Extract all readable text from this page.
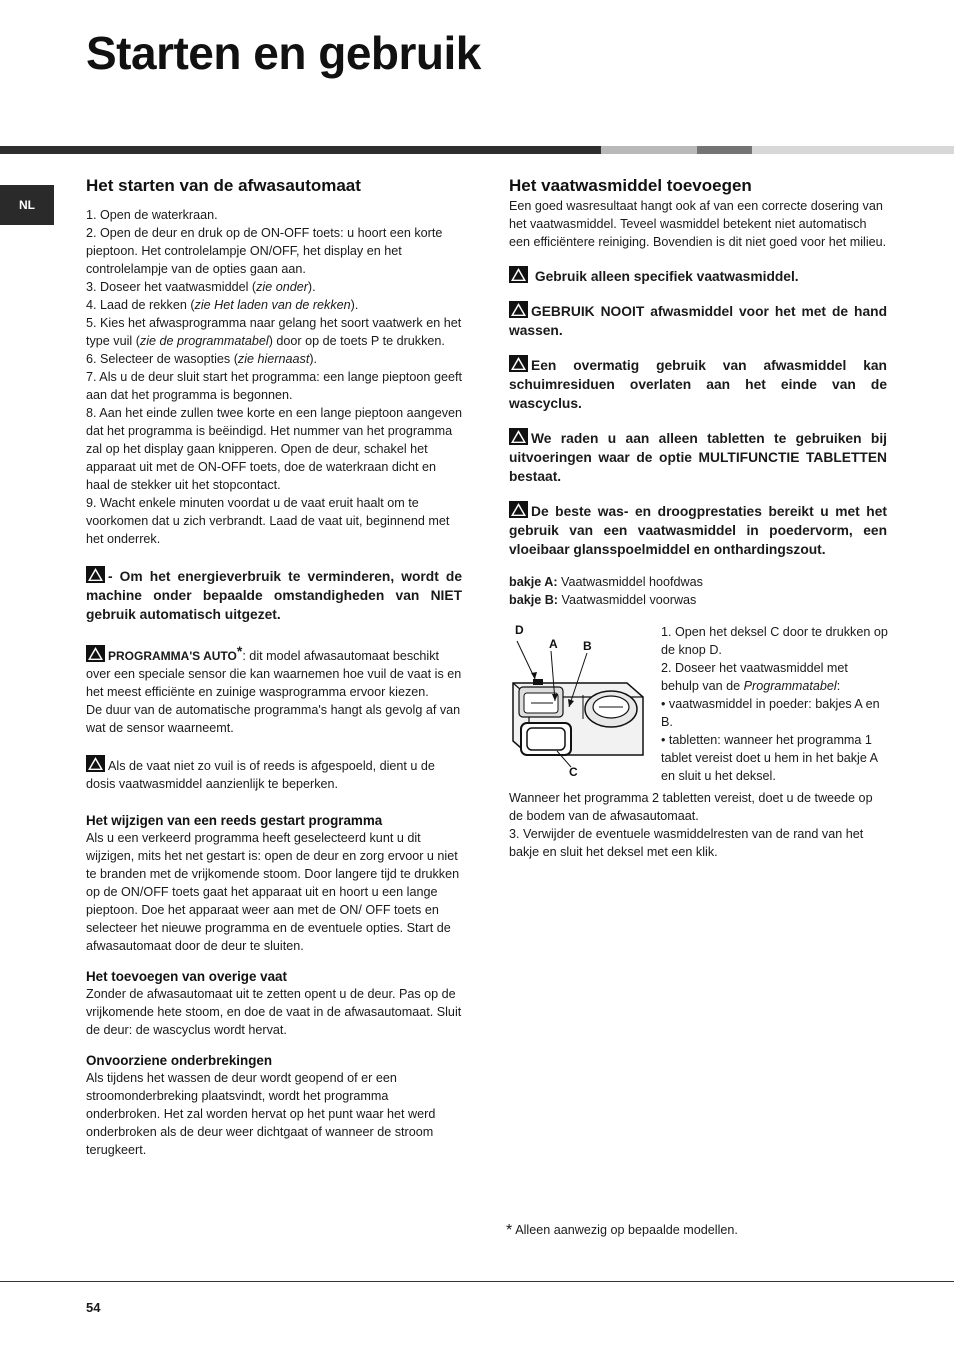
Starten en gebruik
NL
Het starten van de afwasautomaat

1. Open de waterkraan.

2. Open de deur en druk op de ON-OFF toets: u hoort een korte pieptoon. Het controlelampje ON/OFF, het display en het controlelampje van de opties gaan aan.

3. Doseer het vaatwasmiddel (zie onder).

4. Laad de rekken (zie Het laden van de rekken).

5. Kies het afwasprogramma naar gelang het soort vaatwerk en het type vuil (zie de programmatabel) door op de toets P te drukken.

6. Selecteer de wasopties (zie hiernaast).

7. Als u de deur sluit start het programma: een lange pieptoon geeft aan dat het programma is begonnen.

8. Aan het einde zullen twee korte en een lange pieptoon aangeven dat het programma is beëindigd. Het nummer van het programma zal op het display gaan knipperen. Open de deur, schakel het apparaat uit met de ON-OFF toets, doe de waterkraan dicht en haal de stekker uit het stopcontact.

9. Wacht enkele minuten voordat u de vaat eruit haalt om te voorkomen dat u zich verbrandt. Laad de vaat uit, beginnend met het onderrek.

- Om het energieverbruik te verminderen, wordt de machine onder bepaalde omstandigheden van NIET gebruik automatisch uitgezet.

PROGRAMMA'S AUTO*: dit model afwasautomaat beschikt over een speciale sensor die kan waarnemen hoe vuil de vaat is en het meest efficiënte en zuinige wasprogramma ervoor kiezen.

De duur van de automatische programma's hangt als gevolg af van wat de sensor waarneemt.

Als de vaat niet zo vuil is of reeds is afgespoeld, dient u de dosis vaatwasmiddel aanzienlijk te beperken.

Het wijzigen van een reeds gestart programma

Als u een verkeerd programma heeft geselecteerd kunt u dit wijzigen, mits het net gestart is: open de deur en zorg ervoor u niet te branden met de vrijkomende stoom. Door langere tijd te drukken op de ON/OFF toets gaat het apparaat uit en hoort u een lange pieptoon. Doe het apparaat weer aan met de ON/ OFF toets en selecteer het nieuwe programma en de eventuele opties. Start de afwasautomaat door de deur te sluiten.

Het toevoegen van overige vaat

Zonder de afwasautomaat uit te zetten opent u de deur. Pas op de vrijkomende hete stoom, en doe de vaat in de afwasautomaat. Sluit de deur: de wascyclus wordt hervat.

Onvoorziene onderbrekingen

Als tijdens het wassen de deur wordt geopend of er een stroomonderbreking plaatsvindt, wordt het programma onderbroken. Het zal worden hervat op het punt waar het werd onderbroken als de deur weer dichtgaat of wanneer de stroom terugkeert.

Het vaatwasmiddel toevoegen

Een goed wasresultaat hangt ook af van een correcte dosering van het vaatwasmiddel. Teveel wasmiddel betekent niet automatisch een efficiëntere reiniging. Bovendien is dit niet goed voor het milieu.

Gebruik alleen specifiek vaatwasmiddel.

GEBRUIK NOOIT afwasmiddel voor het met de hand wassen.

Een overmatig gebruik van afwasmiddel kan schuimresiduen overlaten aan het einde van de wascyclus.

We raden u aan alleen tabletten te gebruiken bij uitvoeringen waar de optie MULTIFUNCTIE TABLETTEN bestaat.

De beste was- en droogprestaties bereikt u met het gebruik van een vaatwasmiddel in poedervorm, een vloeibaar glansspoelmiddel en onthardingszout.

bakje A: Vaatwasmiddel hoofdwas

bakje B: Vaatwasmiddel voorwas

D
A B
C

1. Open het deksel C door te drukken op de knop D.

2. Doseer het vaatwasmiddel met behulp van de Programmatabel:

• vaatwasmiddel in poeder: bakjes A en B.

• tabletten: wanneer het programma 1 tablet vereist doet u hem in het bakje A en sluit u het deksel.

Wanneer het programma 2 tabletten vereist, doet u de tweede op de bodem van de afwasautomaat.

3. Verwijder de eventuele wasmiddelresten van de rand van het bakje en sluit het deksel met een klik.

* Alleen aanwezig op bepaalde modellen.
54
